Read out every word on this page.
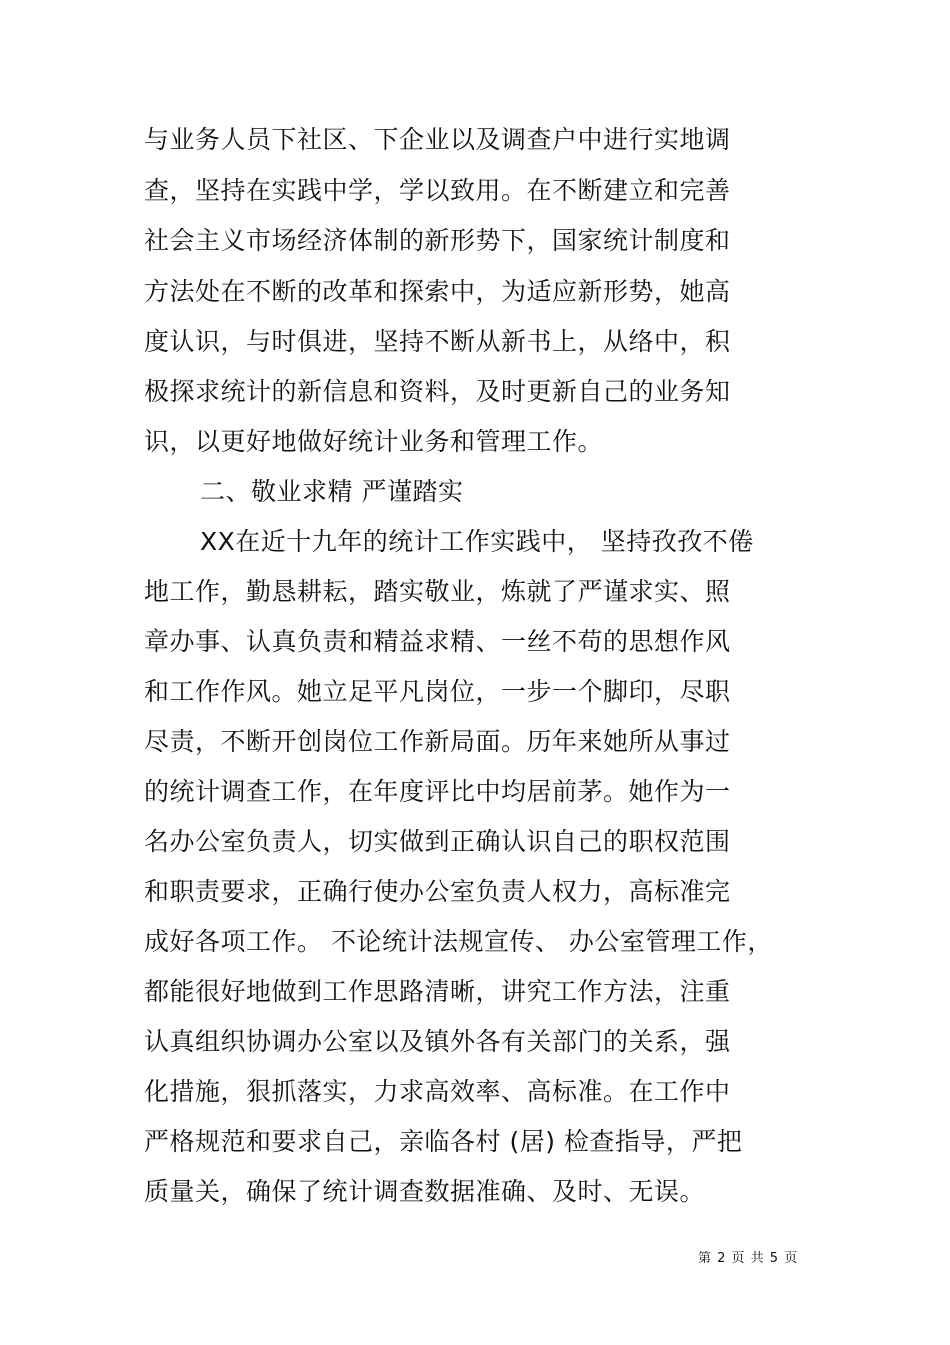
与业务人员下社区、下企业以及调查户中进行实地调
查，坚持在实践中学，学以致用。在不断建立和完善
社会主义市场经济体制的新形势下，国家统计制度和
方法处在不断的改革和探索中，为适应新形势，她高
度认识，与时俱进，坚持不断从新书上，从络中，积
极探求统计的新信息和资料，及时更新自己的业务知
识，以更好地做好统计业务和管理工作。
二、敬业求精 严谨踏实
XX在近十九年的统计工作实践中， 坚持孜孜不倦
地工作，勤恳耕耘，踏实敬业，炼就了严谨求实、照
章办事、认真负责和精益求精、一丝不苟的思想作风
和工作作风。她立足平凡岗位，一步一个脚印，尽职
尽责，不断开创岗位工作新局面。历年来她所从事过
的统计调查工作，在年度评比中均居前茅。她作为一
名办公室负责人，切实做到正确认识自己的职权范围
和职责要求，正确行使办公室负责人权力，高标准完
成好各项工作。 不论统计法规宣传、 办公室管理工作，
都能很好地做到工作思路清晰，讲究工作方法，注重
认真组织协调办公室以及镇外各有关部门的关系，强
化措施，狠抓落实，力求高效率、高标准。在工作中
严格规范和要求自己，亲临各村 (居) 检查指导，严把
质量关，确保了统计调查数据准确、及时、无误。
第 2 页 共 5 页
